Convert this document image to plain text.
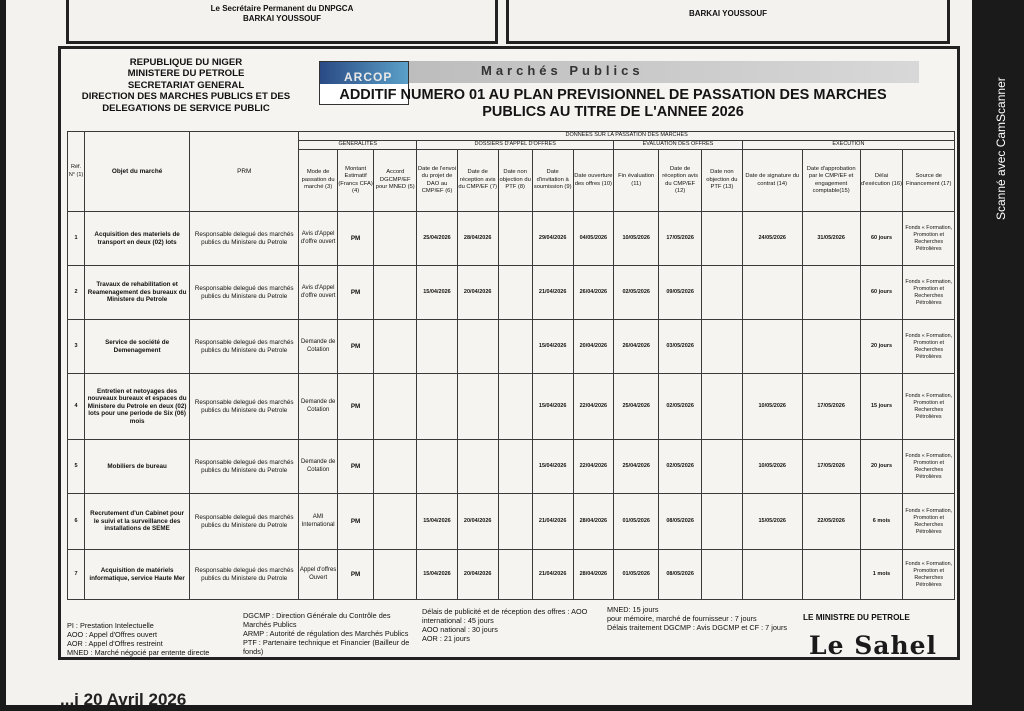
Le Secrétaire Permanent du DNPGCA
BARKAI YOUSSOUF
BARKAI YOUSSOUF
REPUBLIQUE DU NIGER
MINISTERE DU PETROLE
SECRETARIAT GENERAL
DIRECTION DES MARCHES PUBLICS ET DES DELEGATIONS DE SERVICE PUBLIC
ARCOP	Marchés Publics
ADDITIF NUMERO 01 AU PLAN PREVISIONNEL DE PASSATION DES MARCHES PUBLICS AU TITRE DE L'ANNEE 2026
Réf. N° (1)	Objet du marché	PRM	DONNEES SUR LA PASSATION DES MARCHES														
			GENERALITES			DOSSIERS D'APPEL D'OFFRES					EVALUATION DES OFFRES			EXECUTION			
			Mode de passation du marché (3)	Montant Estimatif (Francs CFA) (4)	Accord DGCMP/EF pour MNED (5)	Date de l'envoi du projet de DAO au CMP/EF (6)	Date de réception avis du CMP/EF (7)	Date non objection du PTF (8)	Date d'invitation à soumission (9)	Date ouverture des offres (10)	Fin évaluation (11)	Date de réception avis du CMP/EF (12)	Date non objection du PTF (13)	Date de signature du contrat (14)	Date d'approbation par le CMP/EF et engagement comptable(15)	Délai d'exécution (16)	Source de Financement (17)
1	Acquisition des materiels de transport en deux (02) lots	Responsable delegué des marchés publics du Ministere du Petrole	Avis d'Appel d'offre ouvert	PM		25/04/2026	28/04/2026		29/04/2026	04/05/2026	10/05/2026	17/05/2026		24/05/2026	31/05/2026	60 jours	Fonds « Formation, Promotion et Recherches Pétrolières
2	Travaux de rehabilitation et Reamenagement des bureaux du Ministere du Petrole	Responsable delegué des marchés publics du Ministere du Petrole	Avis d'Appel d'offre ouvert	PM		15/04/2026	20/04/2026		21/04/2026	26/04/2026	02/05/2026	09/05/2026				60 jours	Fonds « Formation, Promotion et Recherches Pétrolières
3	Service de société de Demenagement	Responsable delegué des marchés publics du Ministere du Petrole	Demande de Cotation	PM					15/04/2026	20/04/2026	26/04/2026	03/05/2026				20 jours	Fonds « Formation, Promotion et Recherches Pétrolières
4	Entretien et netoyages des nouveaux bureaux et espaces du Ministere du Petrole en deux (02) lots pour une periode de Six (06) mois	Responsable delegué des marchés publics du Ministere du Petrole	Demande de Cotation	PM					15/04/2026	22/04/2026	25/04/2026	02/05/2026		10/05/2026	17/05/2026	15 jours	Fonds « Formation, Promotion et Recherches Pétrolières
5	Mobiliers de bureau	Responsable delegué des marchés publics du Ministere du Petrole	Demande de Cotation	PM					15/04/2026	22/04/2026	25/04/2026	02/05/2026		10/05/2026	17/05/2026	20 jours	Fonds « Formation, Promotion et Recherches Pétrolières
6	Recrutement d'un Cabinet pour le suivi et la surveillance des installations de SEME	Responsable delegué des marchés publics du Ministere du Petrole	AMI International	PM		15/04/2026	20/04/2026		21/04/2026	28/04/2026	01/05/2026	08/05/2026		15/05/2026	22/05/2026	6 mois	Fonds « Formation, Promotion et Recherches Pétrolières
7	Acquisition de matériels informatique, service Haute Mer	Responsable delegué des marchés publics du Ministere du Petrole	Appel d'offres Ouvert	PM		15/04/2026	20/04/2026		21/04/2026	28/04/2026	01/05/2026	08/05/2026				1 mois	Fonds « Formation, Promotion et Recherches Pétrolières
PI : Prestation Intelectuelle
AOO : Appel d'Offres ouvert
AOR : Appel d'Offres restreint
MNED : Marché négocié par entente directe
DGCMP : Direction Générale du Contrôle des Marchés Publics
ARMP : Autorité de régulation des Marchés Publics
PTF : Partenaire technique et Financier (Bailleur de fonds)
Délais de publicité et de réception des offres : AOO international : 45 jours
AOO national : 30 jours
AOR : 21 jours
MNED: 15 jours
pour mémoire, marché de fournisseur : 7 jours
Délais traitement DGCMP : Avis DGCMP et CF : 7 jours
LE MINISTRE DU PETROLE
Le Sahel
...i 20 Avril 2026
Scanné avec CamScanner
